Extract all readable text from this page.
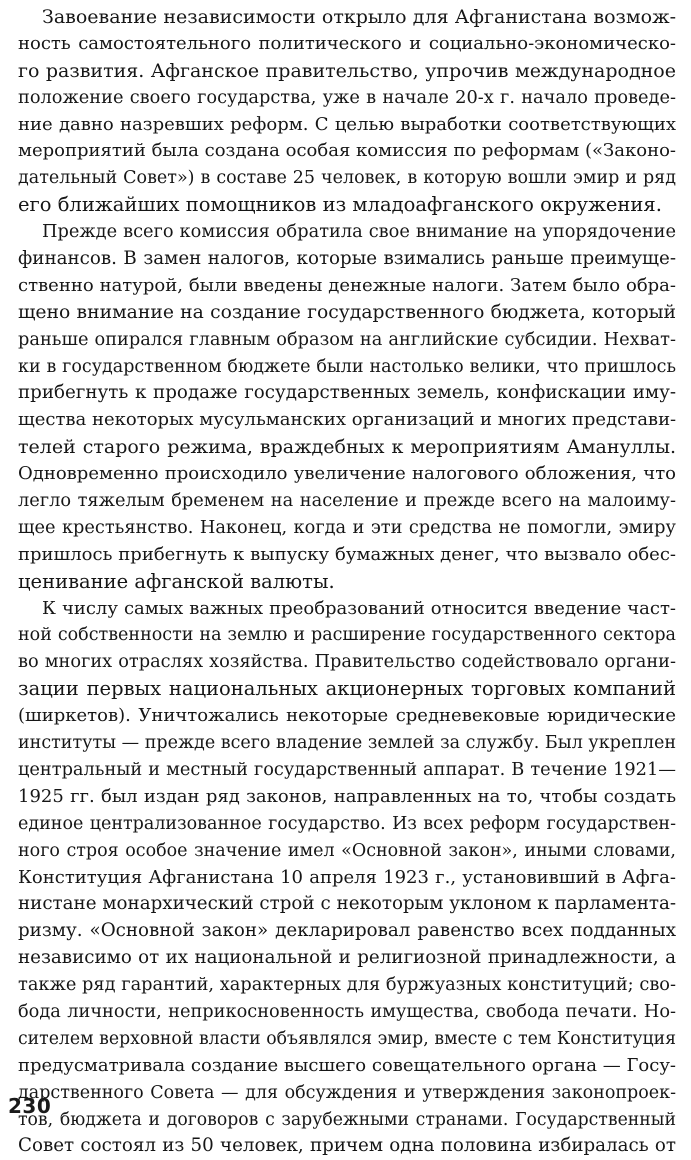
Завоевание независимости открыло для Афганистана возмож-
ность самостоятельного политического и социально-экономическо-
го развития. Афганское правительство, упрочив международное
положение своего государства, уже в начале 20-х г. начало проведе-
ние давно назревших реформ. С целью выработки соответствующих
мероприятий была создана особая комиссия по реформам («Законо-
дательный Совет») в составе 25 человек, в которую вошли эмир и ряд
его ближайших помощников из младоафганского окружения.
Прежде всего комиссия обратила свое внимание на упорядочение
финансов. В замен налогов, которые взимались раньше преимуще-
ственно натурой, были введены денежные налоги. Затем было обра-
щено внимание на создание государственного бюджета, который
раньше опирался главным образом на английские субсидии. Нехват-
ки в государственном бюджете были настолько велики, что пришлось
прибегнуть к продаже государственных земель, конфискации иму-
щества некоторых мусульманских организаций и многих представи-
телей старого режима, враждебных к мероприятиям Амануллы.
Одновременно происходило увеличение налогового обложения, что
легло тяжелым бременем на население и прежде всего на малоиму-
щее крестьянство. Наконец, когда и эти средства не помогли, эмиру
пришлось прибегнуть к выпуску бумажных денег, что вызвало обес-
ценивание афганской валюты.
К числу самых важных преобразований относится введение част-
ной собственности на землю и расширение государственного сектора
во многих отраслях хозяйства. Правительство содействовало органи-
зации первых национальных акционерных торговых компаний
(ширкетов). Уничтожались некоторые средневековые юридические
институты — прежде всего владение землей за службу. Был укреплен
центральный и местный государственный аппарат. В течение 1921—
1925 гг. был издан ряд законов, направленных на то, чтобы создать
единое централизованное государство. Из всех реформ государствен-
ного строя особое значение имел «Основной закон», иными словами,
Конституция Афганистана 10 апреля 1923 г., установивший в Афга-
нистане монархический строй с некоторым уклоном к парламента-
ризму. «Основной закон» декларировал равенство всех подданных
независимо от их национальной и религиозной принадлежности, а
также ряд гарантий, характерных для буржуазных конституций; сво-
бода личности, неприкосновенность имущества, свобода печати. Но-
сителем верховной власти объявлялся эмир, вместе с тем Конституция
предусматривала создание высшего совещательного органа — Госу-
дарственного Совета — для обсуждения и утверждения законопроек-
тов, бюджета и договоров с зарубежными странами. Государственный
Совет состоял из 50 человек, причем одна половина избиралась от
230
